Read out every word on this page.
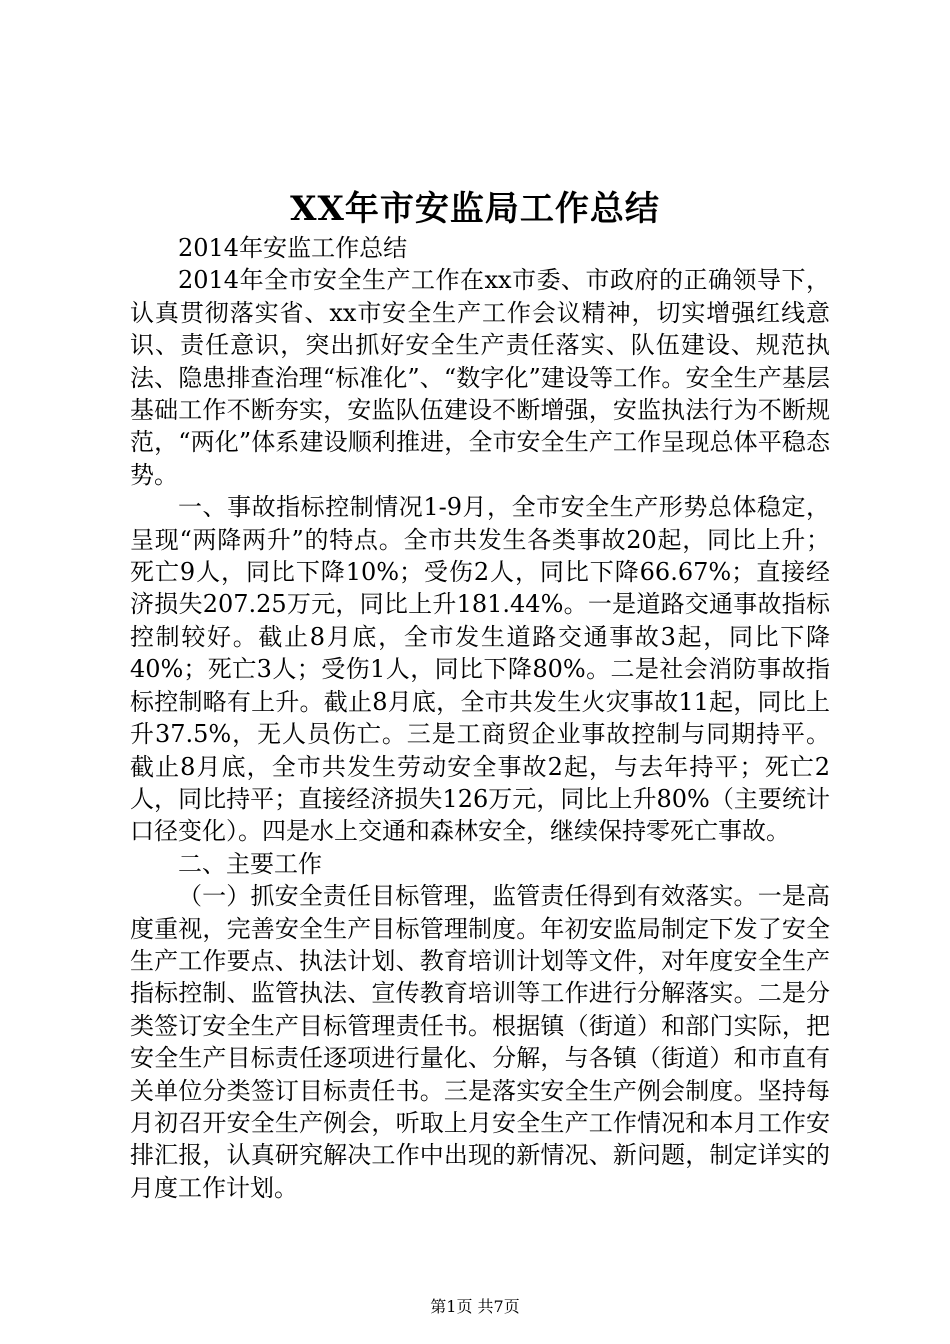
XX年市安监局工作总结

2014年安监工作总结

2014年全市安全生产工作在xx市委、市政府的正确领导下，认真贯彻落实省、xx市安全生产工作会议精神，切实增强红线意识、责任意识，突出抓好安全生产责任落实、队伍建设、规范执法、隐患排查治理“标准化”、“数字化”建设等工作。安全生产基层基础工作不断夯实，安监队伍建设不断增强，安监执法行为不断规范，“两化”体系建设顺利推进，全市安全生产工作呈现总体平稳态势。

一、事故指标控制情况1-9月，全市安全生产形势总体稳定，呈现“两降两升”的特点。全市共发生各类事故20起，同比上升；死亡9人，同比下降10%；受伤2人，同比下降66.67%；直接经济损失207.25万元，同比上升181.44%。一是道路交通事故指标控制较好。截止8月底，全市发生道路交通事故3起，同比下降40%；死亡3人；受伤1人，同比下降80%。二是社会消防事故指标控制略有上升。截止8月底，全市共发生火灾事故11起，同比上升37.5%，无人员伤亡。三是工商贸企业事故控制与同期持平。截止8月底，全市共发生劳动安全事故2起，与去年持平；死亡2人，同比持平；直接经济损失126万元，同比上升80%（主要统计口径变化）。四是水上交通和森林安全，继续保持零死亡事故。

二、主要工作

（一）抓安全责任目标管理，监管责任得到有效落实。一是高度重视，完善安全生产目标管理制度。年初安监局制定下发了安全生产工作要点、执法计划、教育培训计划等文件，对年度安全生产指标控制、监管执法、宣传教育培训等工作进行分解落实。二是分类签订安全生产目标管理责任书。根据镇（街道）和部门实际，把安全生产目标责任逐项进行量化、分解，与各镇（街道）和市直有关单位分类签订目标责任书。三是落实安全生产例会制度。坚持每月初召开安全生产例会，听取上月安全生产工作情况和本月工作安排汇报，认真研究解决工作中出现的新情况、新问题，制定详实的月度工作计划。

第1页 共7页
